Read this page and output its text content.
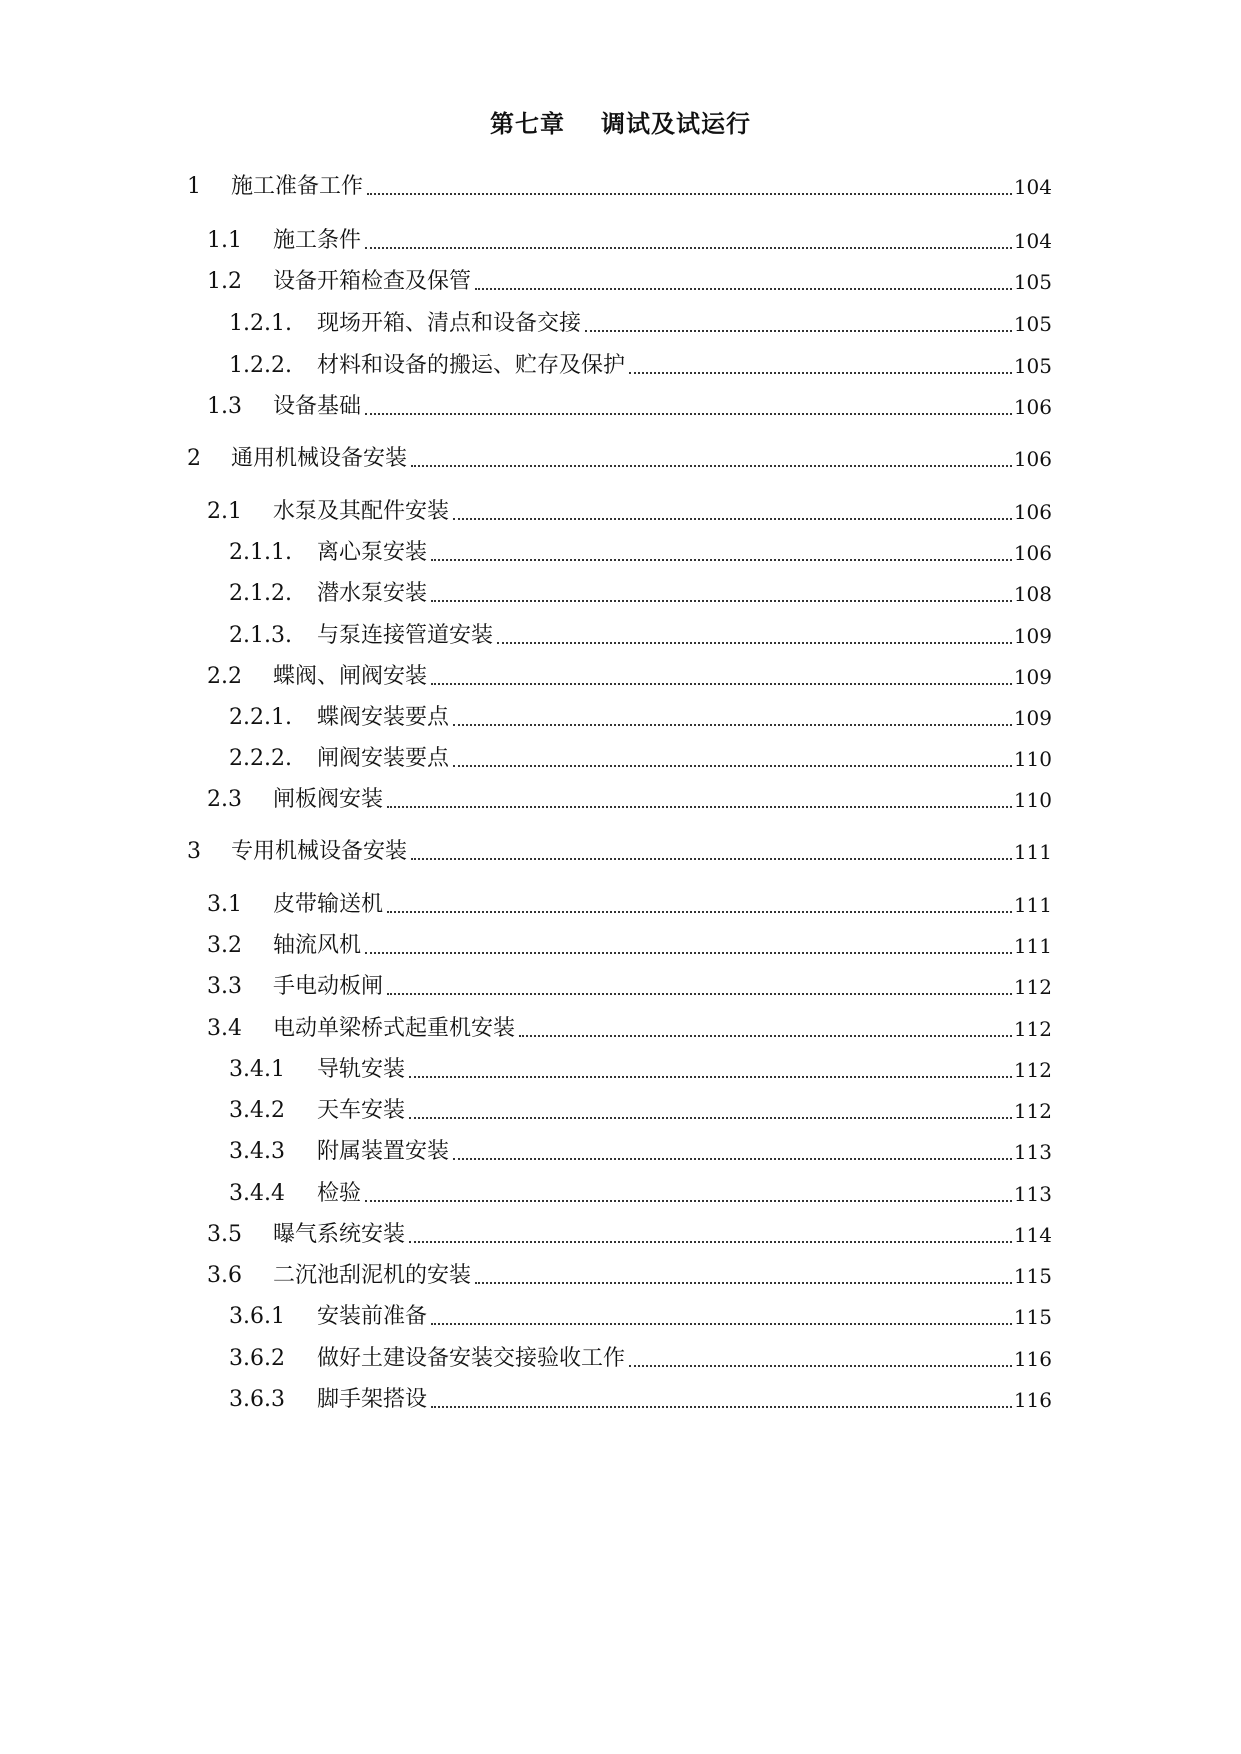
第七章 调试及试运行
1	施工准备工作	104
1.1	施工条件	104
1.2	设备开箱检查及保管	105
1.2.1.	现场开箱、清点和设备交接	105
1.2.2.	材料和设备的搬运、贮存及保护	105
1.3	设备基础	106
2	通用机械设备安装	106
2.1	水泵及其配件安装	106
2.1.1.	离心泵安装	106
2.1.2.	潜水泵安装	108
2.1.3.	与泵连接管道安装	109
2.2	蝶阀、闸阀安装	109
2.2.1.	蝶阀安装要点	109
2.2.2.	闸阀安装要点	110
2.3	闸板阀安装	110
3	专用机械设备安装	111
3.1	皮带输送机	111
3.2	轴流风机	111
3.3	手电动板闸	112
3.4	电动单梁桥式起重机安装	112
3.4.1	导轨安装	112
3.4.2	天车安装	112
3.4.3	附属装置安装	113
3.4.4	检验	113
3.5	曝气系统安装	114
3.6	二沉池刮泥机的安装	115
3.6.1	安装前准备	115
3.6.2	做好土建设备安装交接验收工作	116
3.6.3	脚手架搭设	116
